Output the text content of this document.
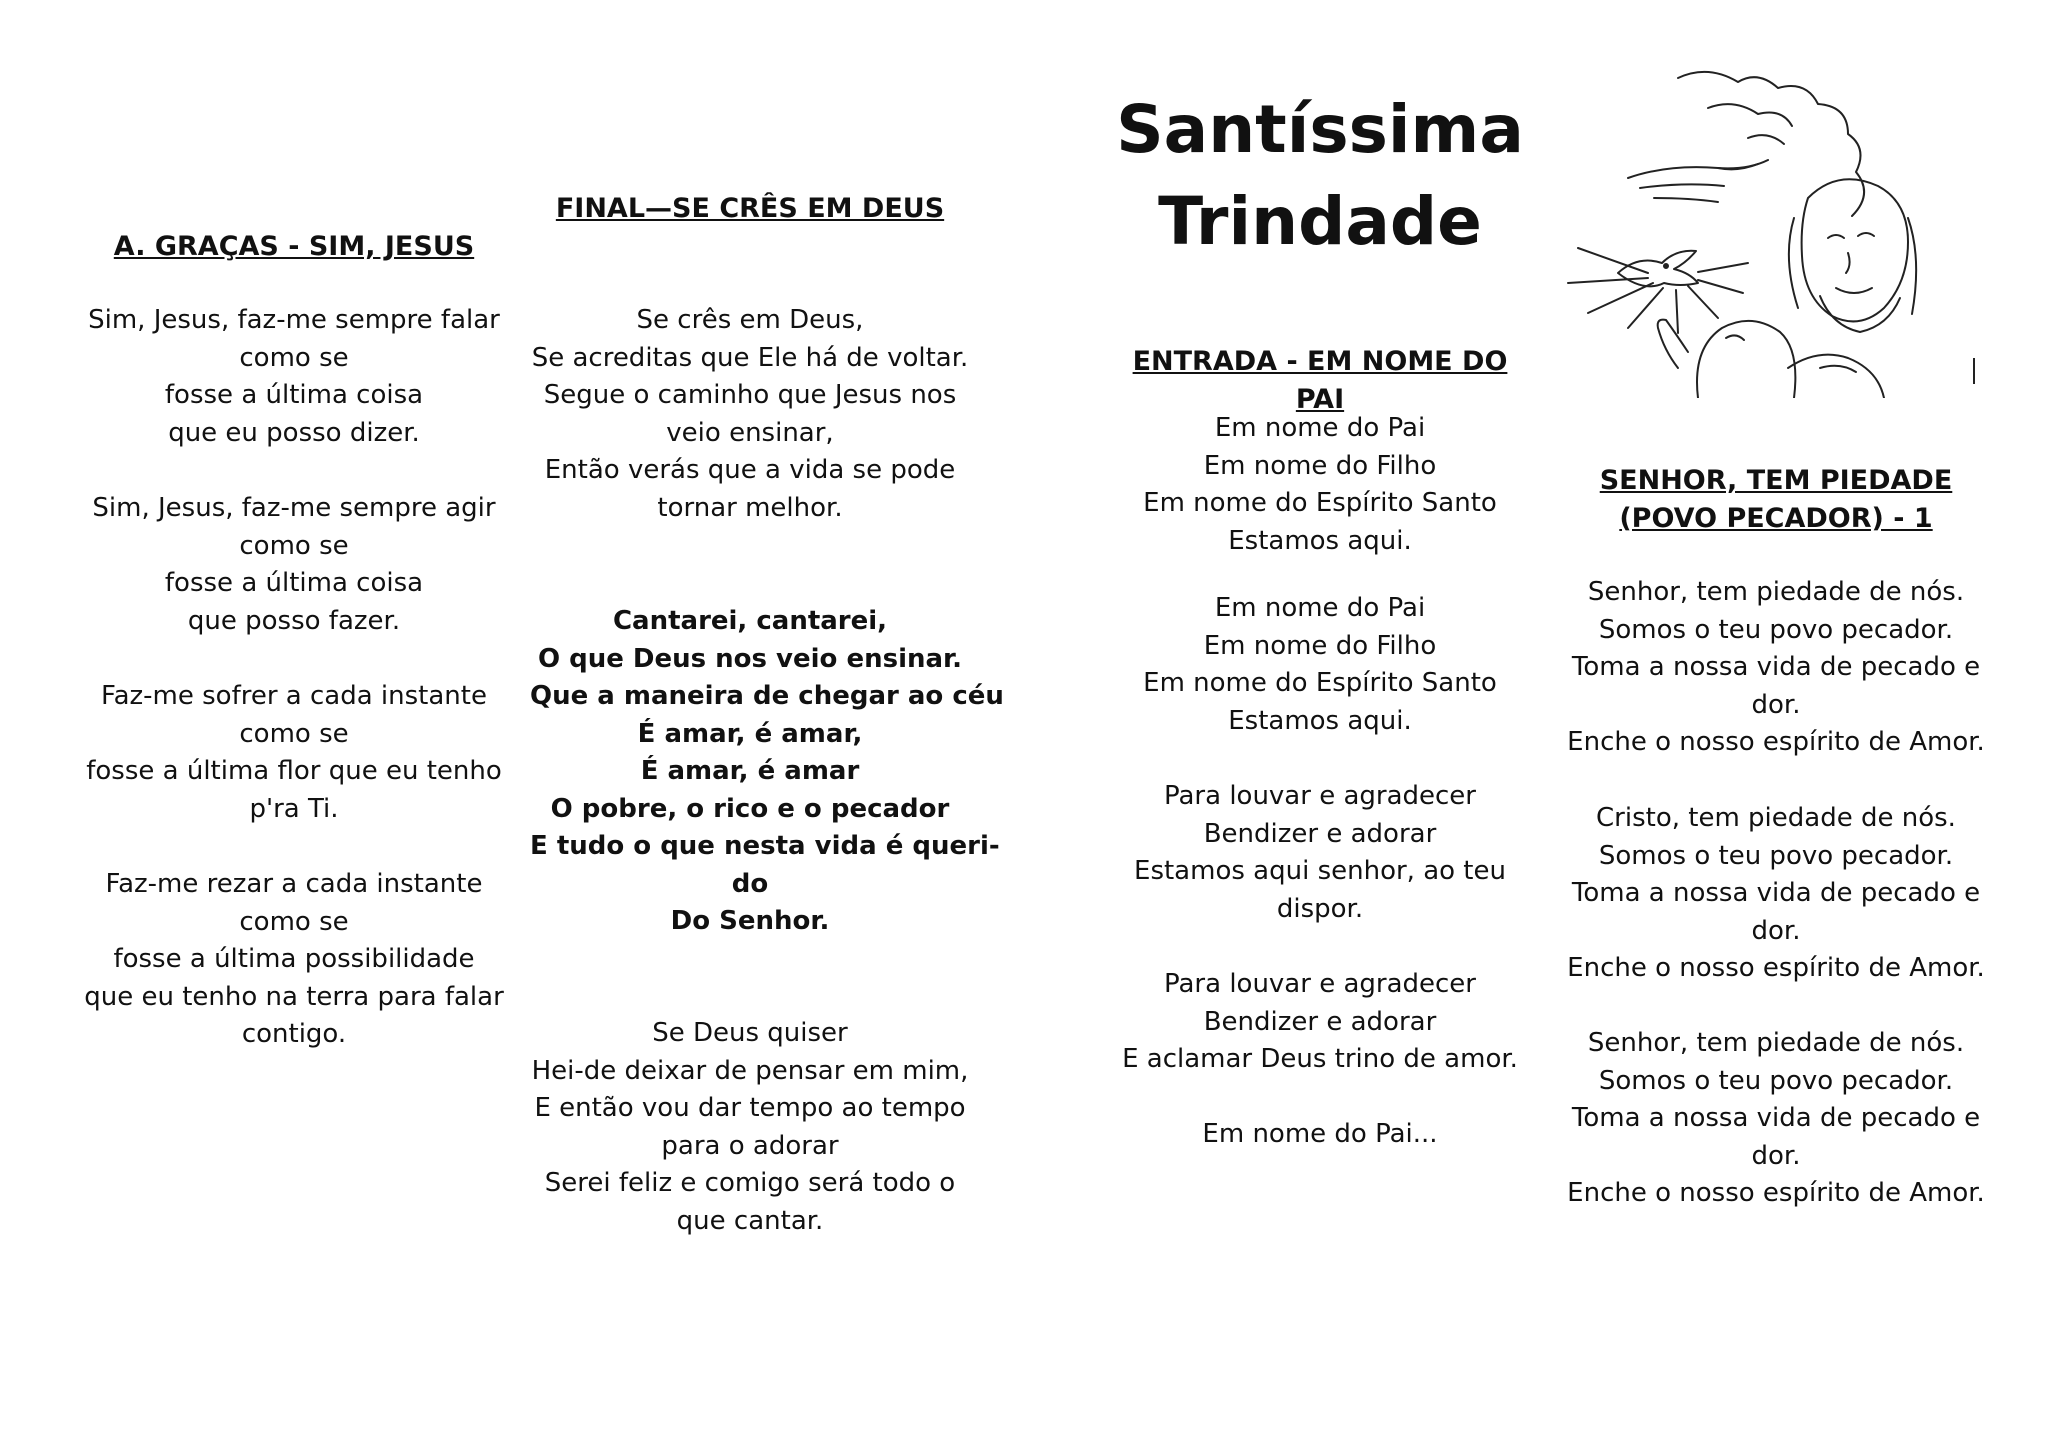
A. GRAÇAS - SIM, JESUS
Sim, Jesus, faz-me sempre falar
como se
fosse a última coisa
que eu posso dizer.
Sim, Jesus, faz-me sempre agir
como se
fosse a última coisa
que posso fazer.
Faz-me sofrer a cada instante
como se
fosse a última flor que eu tenho
p'ra Ti.
Faz-me rezar a cada instante
como se
fosse a última possibilidade
que eu tenho na terra para falar
contigo.
FINAL—SE CRÊS EM DEUS
Se crês em Deus,
Se acreditas que Ele há de voltar.
Segue o caminho que Jesus nos
veio ensinar,
Então verás que a vida se pode
tornar melhor.
Cantarei, cantarei,
O que Deus nos veio ensinar.
Que a maneira de chegar ao céu
É amar, é amar,
É amar, é amar
O pobre, o rico e o pecador
E tudo o que nesta vida é queri-
do
Do Senhor.
Se Deus quiser
Hei-de deixar de pensar em mim,
E então vou dar tempo ao tempo
para o adorar
Serei feliz e comigo será todo o
que cantar.
Santíssima
Trindade
ENTRADA - EM NOME DO PAI
Em nome do Pai
Em nome do Filho
Em nome do Espírito Santo
Estamos aqui.
Em nome do Pai
Em nome do Filho
Em nome do Espírito Santo
Estamos aqui.
Para louvar e agradecer
Bendizer e adorar
Estamos aqui senhor, ao teu
dispor.
Para louvar e agradecer
Bendizer e adorar
E aclamar Deus trino de amor.
Em nome do Pai...
SENHOR, TEM PIEDADE
(POVO PECADOR) - 1
Senhor, tem piedade de nós.
Somos o teu povo pecador.
Toma a nossa vida de pecado e
dor.
Enche o nosso espírito de Amor.
Cristo, tem piedade de nós.
Somos o teu povo pecador.
Toma a nossa vida de pecado e
dor.
Enche o nosso espírito de Amor.
Senhor, tem piedade de nós.
Somos o teu povo pecador.
Toma a nossa vida de pecado e
dor.
Enche o nosso espírito de Amor.
